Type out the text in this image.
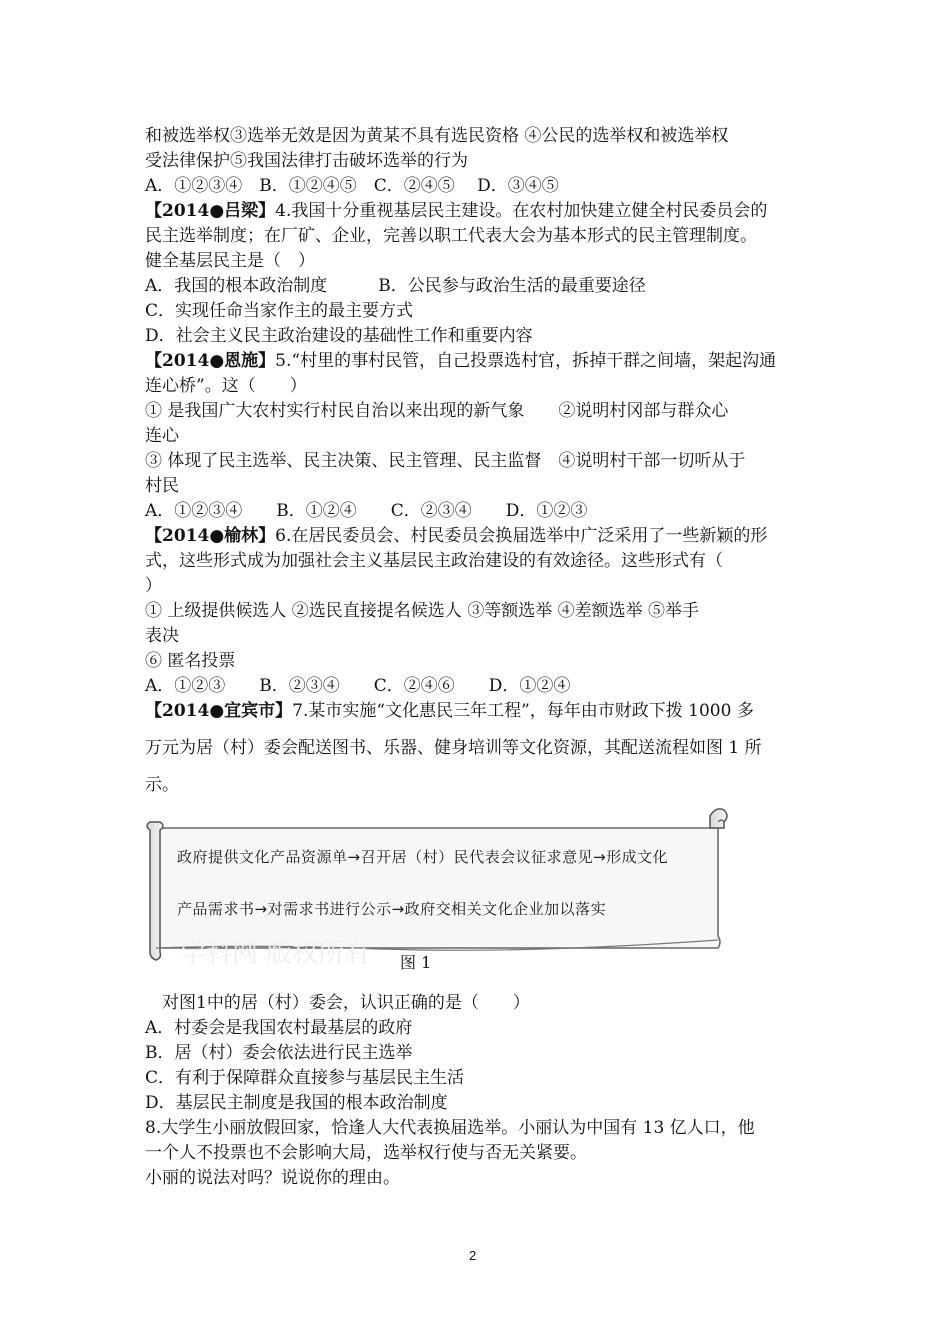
和被选举权③选举无效是因为黄某不具有选民资格 ④公民的选举权和被选举权
受法律保护⑤我国法律打击破坏选举的行为
A．①②③④　B．①②④⑤　C．②④⑤　 D．③④⑤
【2014●吕梁】4.我国十分重视基层民主建设。在农村加快建立健全村民委员会的
民主选举制度；在厂矿、企业，完善以职工代表大会为基本形式的民主管理制度。
健全基层民主是（　）
A．我国的根本政治制度　　　B．公民参与政治生活的最重要途径
C．实现任命当家作主的最主要方式
D．社会主义民主政治建设的基础性工作和重要内容
【2014●恩施】5.“村里的事村民管，自己投票选村官，拆掉干群之间墙，架起沟通
连心桥”。这（　　）
① 是我国广大农村实行村民自治以来出现的新气象　　②说明村冈部与群众心
连心
③ 体现了民主选举、民主决策、民主管理、民主监督　④说明村干部一切听从于
村民
A．①②③④　　B．①②④　　C．②③④　　D．①②③
【2014●榆林】6.在居民委员会、村民委员会换届选举中广泛采用了一些新颖的形
式，这些形式成为加强社会主义基层民主政治建设的有效途径。这些形式有（
）
① 上级提供候选人 ②选民直接提名候选人 ③等额选举 ④差额选举 ⑤举手
表决
⑥ 匿名投票
A．①②③　　B．②③④　　C．②④⑥　　D．①②④
【2014●宜宾市】7.某市实施“文化惠民三年工程”，每年由市财政下拨 1000 多
万元为居（村）委会配送图书、乐器、健身培训等文化资源，其配送流程如图 1 所
示。
学科网 版权所有
政府提供文化产品资源单→召开居（村）民代表会议征求意见→形成文化
产品需求书→对需求书进行公示→政府交相关文化企业加以落实
图 1
　对图1中的居（村）委会，认识正确的是（　　）
A．村委会是我国农村最基层的政府
B．居（村）委会依法进行民主选举
C．有利于保障群众直接参与基层民主生活
D．基层民主制度是我国的根本政治制度
8.大学生小丽放假回家，恰逢人大代表换届选举。小丽认为中国有 13 亿人口，他
一个人不投票也不会影响大局，选举权行使与否无关紧要。
小丽的说法对吗？说说你的理由。
2
